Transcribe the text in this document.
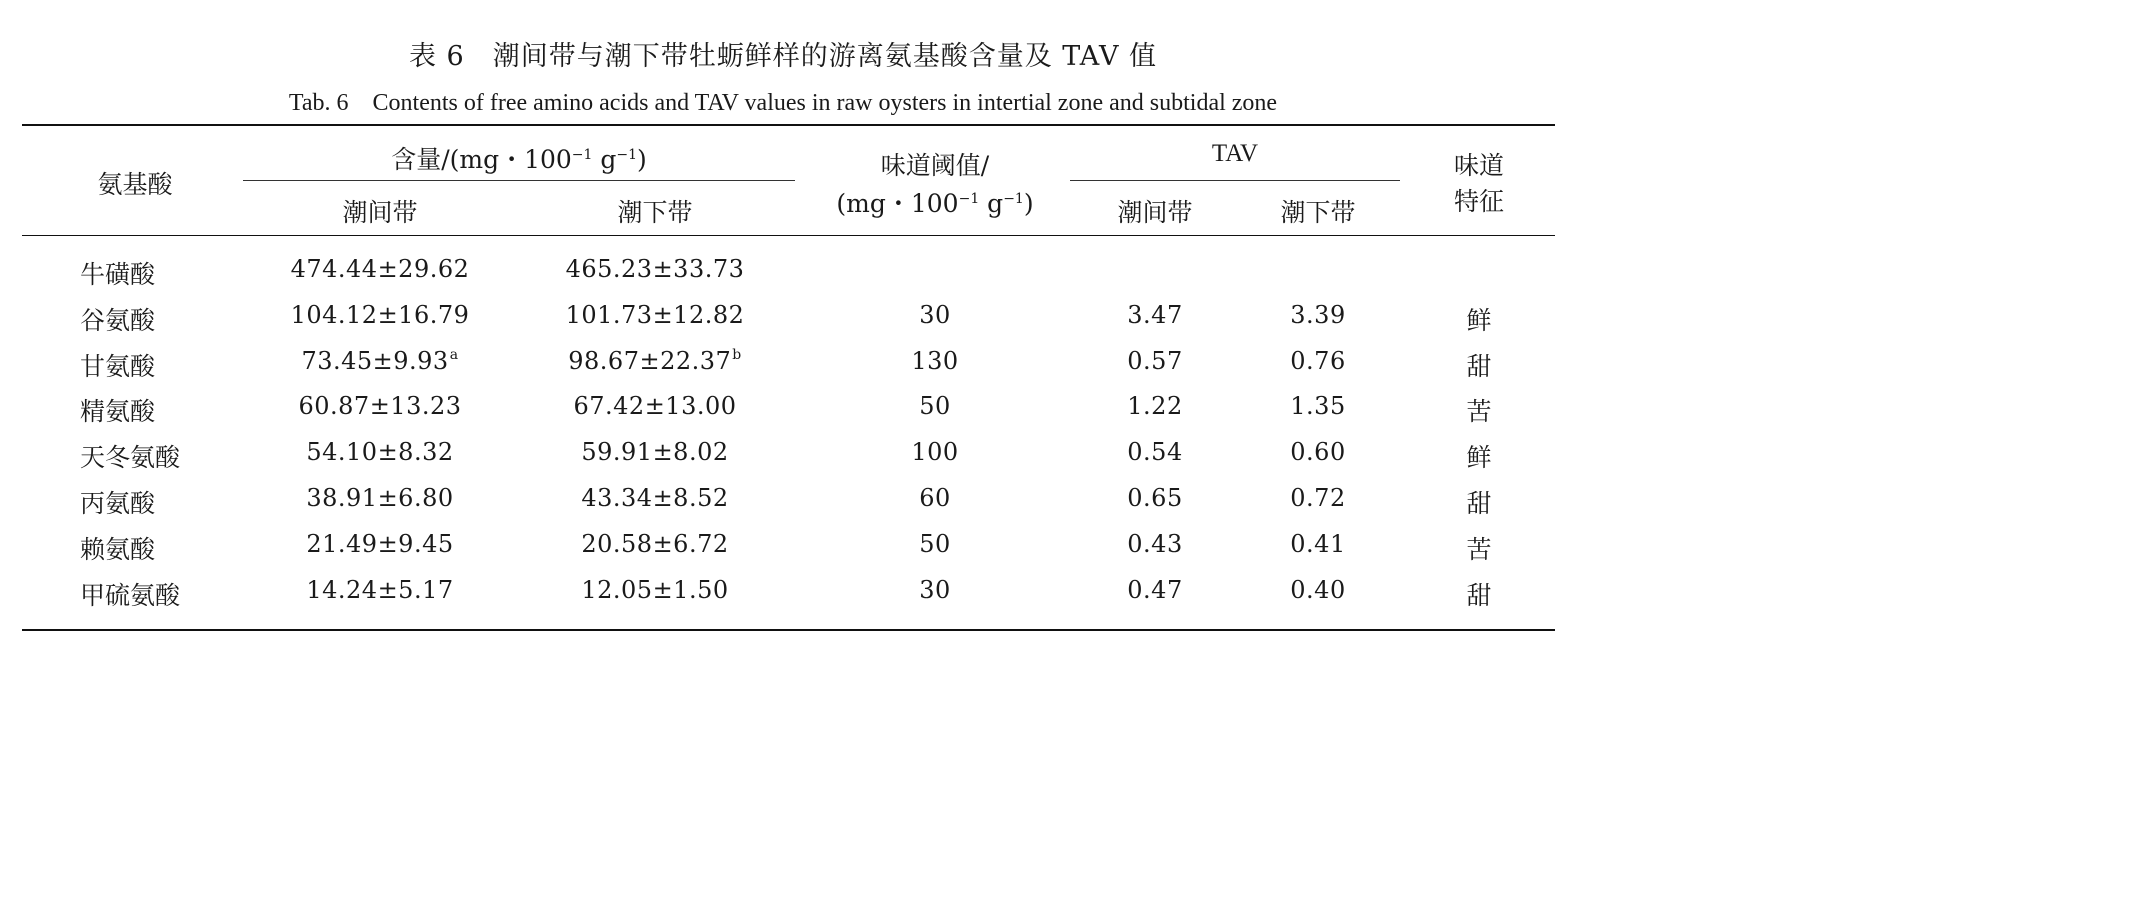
表 6　潮间带与潮下带牡蛎鲜样的游离氨基酸含量及 TAV 值
Tab. 6　Contents of free amino acids and TAV values in raw oysters in intertial zone and subtidal zone
氨基酸
含量/(mg・$100^{-1}$ $g^{-1}$)
潮间带	潮下带
味道阈值/
(mg・$100^{-1}$ $g^{-1}$)
TAV
潮间带	潮下带
味道
特征
牛磺酸	474.44±29.62	465.23±33.73
谷氨酸	104.12±16.79	101.73±12.82	30	3.47	3.39	鲜
甘氨酸	73.45±9.93$^a$	98.67±22.37$^b$	130	0.57	0.76	甜
精氨酸	60.87±13.23	67.42±13.00	50	1.22	1.35	苦
天冬氨酸	54.10±8.32	59.91±8.02	100	0.54	0.60	鲜
丙氨酸	38.91±6.80	43.34±8.52	60	0.65	0.72	甜
赖氨酸	21.49±9.45	20.58±6.72	50	0.43	0.41	苦
甲硫氨酸	14.24±5.17	12.05±1.50	30	0.47	0.40	甜
